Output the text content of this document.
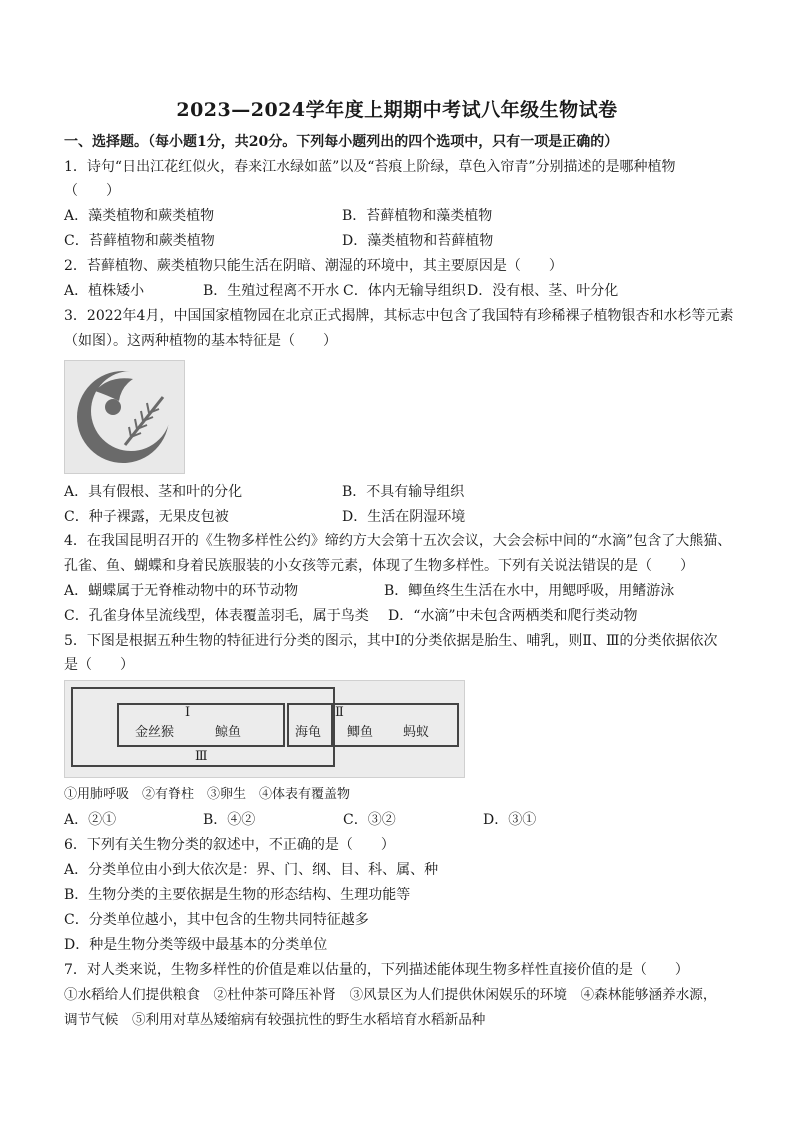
2023—2024学年度上期期中考试八年级生物试卷
一、选择题。（每小题1分，共20分。下列每小题列出的四个选项中，只有一项是正确的）
1．诗句“日出江花红似火，春来江水绿如蓝”以及“苔痕上阶绿，草色入帘青”分别描述的是哪种植物
（　　）
A．藻类植物和蕨类植物	B．苔藓植物和藻类植物
C．苔藓植物和蕨类植物	D．藻类植物和苔藓植物
2．苔藓植物、蕨类植物只能生活在阴暗、潮湿的环境中，其主要原因是（　　）
A．植株矮小	B．生殖过程离不开水 C．体内无输导组织 D．没有根、茎、叶分化
3．2022年4月，中国国家植物园在北京正式揭牌，其标志中包含了我国特有珍稀裸子植物银杏和水杉等元素
（如图）。这两种植物的基本特征是（　　）
A．具有假根、茎和叶的分化	B．不具有输导组织
C．种子裸露，无果皮包被	D．生活在阴湿环境
4．在我国昆明召开的《生物多样性公约》缔约方大会第十五次会议，大会会标中间的“水滴”包含了大熊猫、
孔雀、鱼、蝴蝶和身着民族服装的小女孩等元素，体现了生物多样性。下列有关说法错误的是（　　）
A．蝴蝶属于无脊椎动物中的环节动物	B．鲫鱼终生生活在水中，用鳃呼吸，用鳍游泳
C．孔雀身体呈流线型，体表覆盖羽毛，属于鸟类 D．“水滴”中未包含两栖类和爬行类动物
5．下图是根据五种生物的特征进行分类的图示，其中Ⅰ的分类依据是胎生、哺乳，则Ⅱ、Ⅲ的分类依据依次
是（　　）
Ⅰ	Ⅱ
Ⅲ
金丝猴	鲸鱼	海龟 鲫鱼 蚂蚁
①用肺呼吸　②有脊柱　③卵生　④体表有覆盖物
A．②①	B．④②	C．③②	D．③①
6．下列有关生物分类的叙述中，不正确的是（　　）
A．分类单位由小到大依次是：界、门、纲、目、科、属、种
B．生物分类的主要依据是生物的形态结构、生理功能等
C．分类单位越小，其中包含的生物共同特征越多
D．种是生物分类等级中最基本的分类单位
7．对人类来说，生物多样性的价值是难以估量的，下列描述能体现生物多样性直接价值的是（　　）
①水稻给人们提供粮食　②杜仲茶可降压补肾　③风景区为人们提供休闲娱乐的环境　④森林能够涵养水源，
调节气候　⑤利用对草丛矮缩病有较强抗性的野生水稻培育水稻新品种
